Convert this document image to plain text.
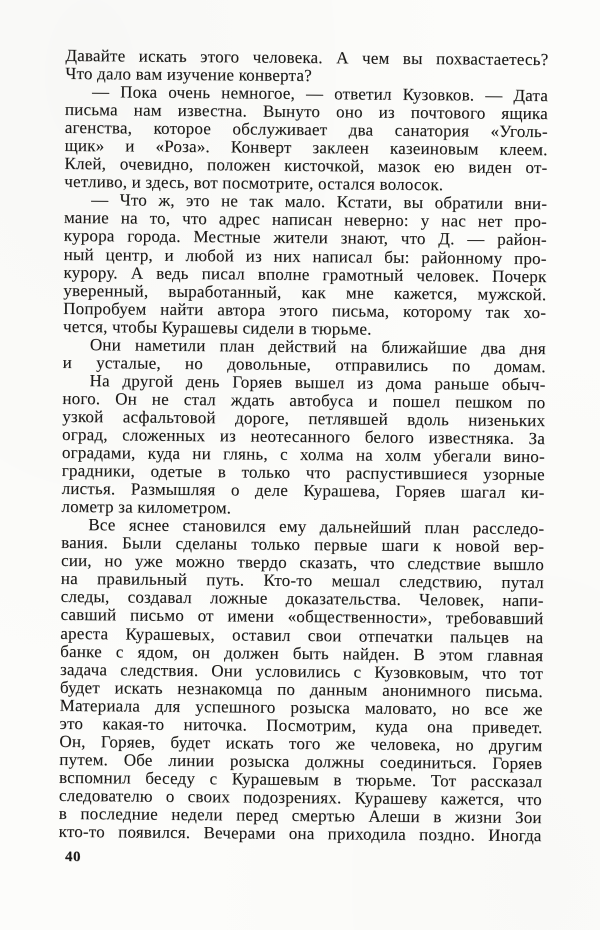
Давайте искать этого человека. А чем вы похвастаетесь?
Что дало вам изучение конверта?
— Пока очень немногое, — ответил Кузовков. — Дата
письма нам известна. Вынуто оно из почтового ящика
агенства, которое обслуживает два санатория «Уголь-
щик» и «Роза». Конверт заклеен казеиновым клеем.
Клей, очевидно, положен кисточкой, мазок ею виден от-
четливо, и здесь, вот посмотрите, остался волосок.
— Что ж, это не так мало. Кстати, вы обратили вни-
мание на то, что адрес написан неверно: у нас нет про-
курора города. Местные жители знают, что Д. — район-
ный центр, и любой из них написал бы: районному про-
курору. А ведь писал вполне грамотный человек. Почерк
уверенный, выработанный, как мне кажется, мужской.
Попробуем найти автора этого письма, которому так хо-
чется, чтобы Курашевы сидели в тюрьме.
Они наметили план действий на ближайшие два дня
и усталые, но довольные, отправились по домам.
На другой день Горяев вышел из дома раньше обыч-
ного. Он не стал ждать автобуса и пошел пешком по
узкой асфальтовой дороге, петлявшей вдоль низеньких
оград, сложенных из неотесанного белого известняка. За
оградами, куда ни глянь, с холма на холм убегали вино-
градники, одетые в только что распустившиеся узорные
листья. Размышляя о деле Курашева, Горяев шагал ки-
лометр за километром.
Все яснее становился ему дальнейший план расследо-
вания. Были сделаны только первые шаги к новой вер-
сии, но уже можно твердо сказать, что следствие вышло
на правильный путь. Кто-то мешал следствию, путал
следы, создавал ложные доказательства. Человек, напи-
савший письмо от имени «общественности», требовавший
ареста Курашевых, оставил свои отпечатки пальцев на
банке с ядом, он должен быть найден. В этом главная
задача следствия. Они условились с Кузовковым, что тот
будет искать незнакомца по данным анонимного письма.
Материала для успешного розыска маловато, но все же
это какая-то ниточка. Посмотрим, куда она приведет.
Он, Горяев, будет искать того же человека, но другим
путем. Обе линии розыска должны соединиться. Горяев
вспомнил беседу с Курашевым в тюрьме. Тот рассказал
следователю о своих подозрениях. Курашеву кажется, что
в последние недели перед смертью Алеши в жизни Зои
кто-то появился. Вечерами она приходила поздно. Иногда
40
